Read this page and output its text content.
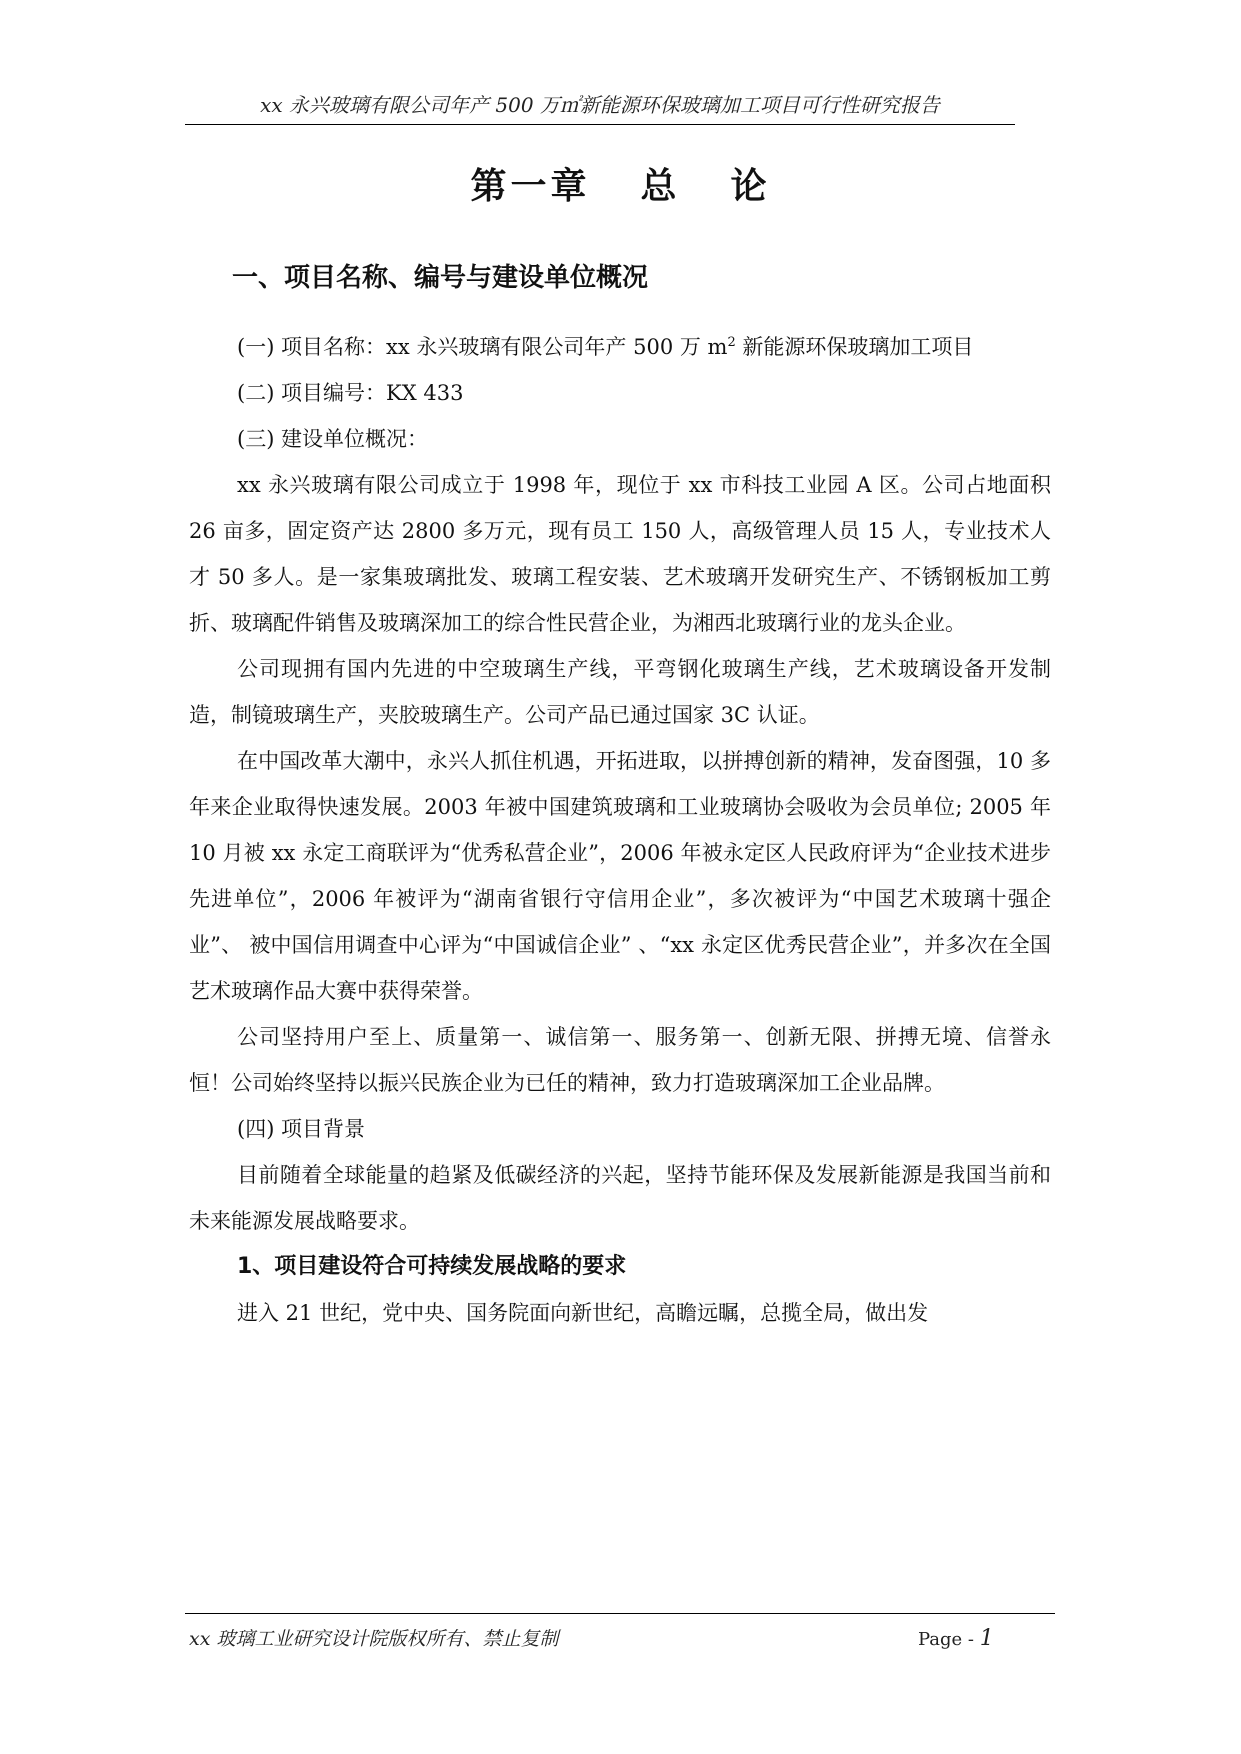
xx 永兴玻璃有限公司年产 500 万㎡新能源环保玻璃加工项目可行性研究报告
第一章 总 论
一、项目名称、编号与建设单位概况

(一) 项目名称：xx 永兴玻璃有限公司年产 500 万 $m^2$ 新能源环保玻璃加工项目

(二) 项目编号：KX 433

(三) 建设单位概况：

xx 永兴玻璃有限公司成立于 1998 年，现位于 xx 市科技工业园 A 区。公司占地面积 26 亩多，固定资产达 2800 多万元，现有员工 150 人，高级管理人员 15 人，专业技术人才 50 多人。是一家集玻璃批发、玻璃工程安装、艺术玻璃开发研究生产、不锈钢板加工剪折、玻璃配件销售及玻璃深加工的综合性民营企业，为湘西北玻璃行业的龙头企业。

公司现拥有国内先进的中空玻璃生产线，平弯钢化玻璃生产线，艺术玻璃设备开发制造，制镜玻璃生产，夹胶玻璃生产。公司产品已通过国家 3C 认证。

在中国改革大潮中，永兴人抓住机遇，开拓进取，以拼搏创新的精神，发奋图强，10 多年来企业取得快速发展。2003 年被中国建筑玻璃和工业玻璃协会吸收为会员单位; 2005 年 10 月被 xx 永定工商联评为“优秀私营企业”，2006 年被永定区人民政府评为“企业技术进步先进单位”，2006 年被评为“湖南省银行守信用企业”，多次被评为“中国艺术玻璃十强企业”、 被中国信用调查中心评为“中国诚信企业” 、“xx 永定区优秀民营企业”，并多次在全国艺术玻璃作品大赛中获得荣誉。

公司坚持用户至上、质量第一、诚信第一、服务第一、创新无限、拼搏无境、信誉永恒！公司始终坚持以振兴民族企业为已任的精神，致力打造玻璃深加工企业品牌。

(四) 项目背景

目前随着全球能量的趋紧及低碳经济的兴起，坚持节能环保及发展新能源是我国当前和未来能源发展战略要求。

1、项目建设符合可持续发展战略的要求

进入 21 世纪，党中央、国务院面向新世纪，高瞻远瞩，总揽全局，做出发

xx 玻璃工业研究设计院版权所有、禁止复制	Page - 1
